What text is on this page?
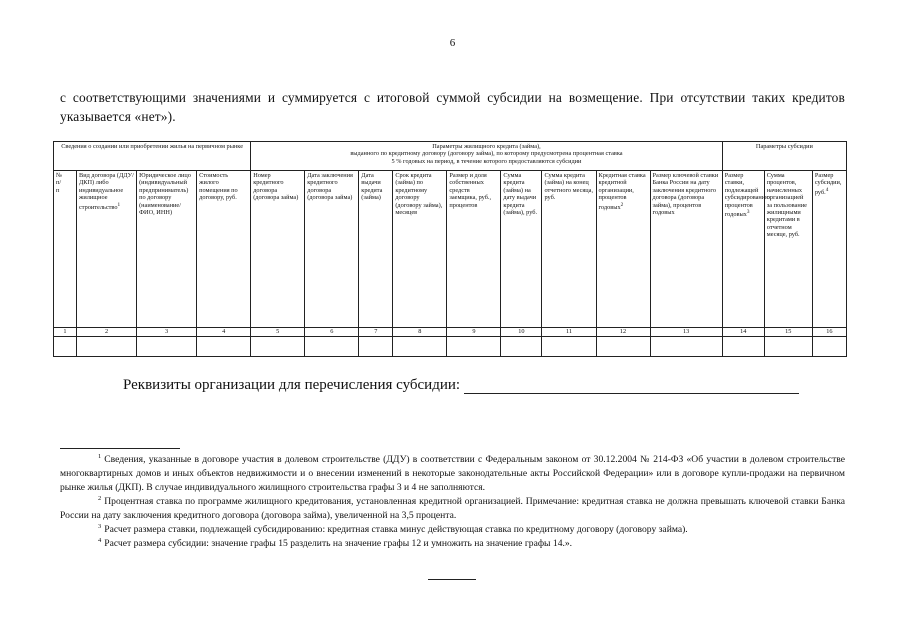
6
с соответствующими значениями и суммируется с итоговой суммой субсидии на возмещение. При отсутствии таких кредитов указывается «нет»).
Сведения о создании или приобретении жилья на первичном рынке				Параметры жилищного кредита (займа),
выданного по кредитному договору (договору займа), по которому предусмотрена процентная ставка
5 % годовых на период, в течение которого предоставляются субсидии									Параметры субсидии		

№
п/
п	Вид договора (ДДУ/ДКП) либо индивидуальное жилищное строительство$^1$	Юридическое лицо (индивидуальный предприниматель) по договору (наименование/ФИО, ИНН)	Стоимость жилого помещения по договору, руб.	Номер кредитного договора (договора займа)	Дата заключения кредитного договора (договора займа)	Дата выдачи кредита (займа)	Срок кредита (займа) по кредитному договору (договору займа), месяцев	Размер и доля собственных средств заемщика, руб., процентов	Сумма кредита (займа) на дату выдачи кредита (займа), руб.	Сумма кредита (займа) на конец отчетного месяца, руб.	Кредитная ставка кредитной организации, процентов годовых$^2$	Размер ключевой ставки Банка России на дату заключения кредитного договора (договора займа), процентов годовых	Размер ставки, подлежащей субсидированию, процентов годовых$^3$	Сумма процентов, начисленных организацией за пользование жилищными кредитами в отчетном месяце, руб.	Размер субсидии, руб.$^4$
1	2	3	4	5	6	7	8	9	10	11	12	13	14	15	16

Реквизиты организации для перечисления субсидии:
$^1$ Сведения, указанные в договоре участия в долевом строительстве (ДДУ) в соответствии с Федеральным законом от 30.12.2004 № 214-ФЗ «Об участии в долевом строительстве многоквартирных домов и иных объектов недвижимости и о внесении изменений в некоторые законодательные акты Российской Федерации» или в договоре купли-продажи на первичном рынке жилья (ДКП). В случае индивидуального жилищного строительства графы 3 и 4 не заполняются.
$^2$ Процентная ставка по программе жилищного кредитования, установленная кредитной организацией. Примечание: кредитная ставка не должна превышать ключевой ставки Банка России на дату заключения кредитного договора (договора займа), увеличенной на 3,5 процента.
$^3$ Расчет размера ставки, подлежащей субсидированию: кредитная ставка минус действующая ставка по кредитному договору (договору займа).
$^4$ Расчет размера субсидии: значение графы 15 разделить на значение графы 12 и умножить на значение графы 14.».
